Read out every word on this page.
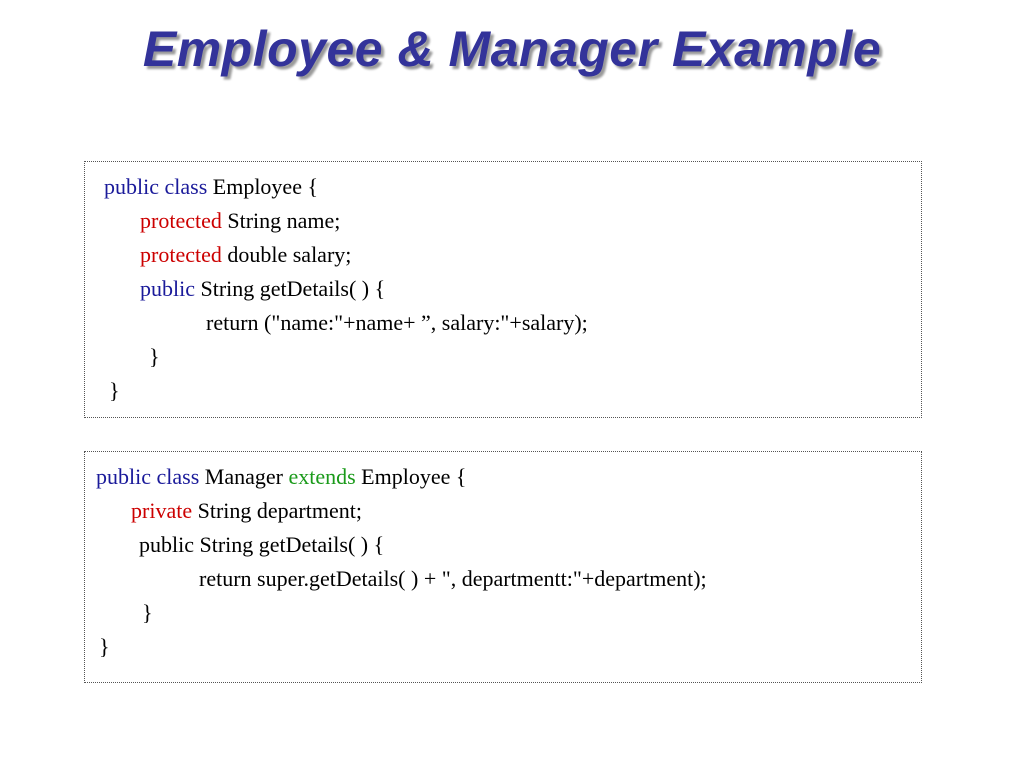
Employee & Manager Example
public class Employee {
protected String name;
protected double salary;
public String getDetails( ) {
return ("name:"+name+ ”, salary:"+salary);
}
}
public class Manager extends Employee {
private String department;
public String getDetails( ) {
return super.getDetails( ) + ", departmentt:"+department);
}
}
